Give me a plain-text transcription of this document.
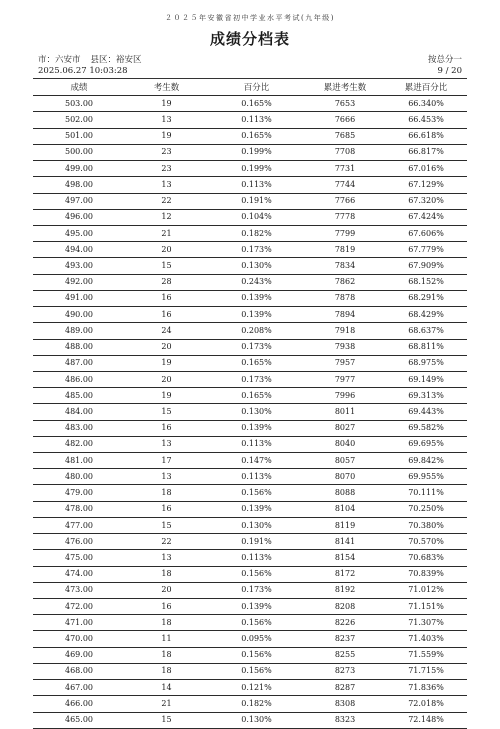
２０２５年安徽省初中学业水平考试(九年级)
成绩分档表
市：六安市 县区：裕安区
2025.06.27 10:03:28
按总分一
9 / 20
成绩	考生数	百分比	累进考生数	累进百分比
503.00	19	0.165%	7653	66.340%
502.00	13	0.113%	7666	66.453%
501.00	19	0.165%	7685	66.618%
500.00	23	0.199%	7708	66.817%
499.00	23	0.199%	7731	67.016%
498.00	13	0.113%	7744	67.129%
497.00	22	0.191%	7766	67.320%
496.00	12	0.104%	7778	67.424%
495.00	21	0.182%	7799	67.606%
494.00	20	0.173%	7819	67.779%
493.00	15	0.130%	7834	67.909%
492.00	28	0.243%	7862	68.152%
491.00	16	0.139%	7878	68.291%
490.00	16	0.139%	7894	68.429%
489.00	24	0.208%	7918	68.637%
488.00	20	0.173%	7938	68.811%
487.00	19	0.165%	7957	68.975%
486.00	20	0.173%	7977	69.149%
485.00	19	0.165%	7996	69.313%
484.00	15	0.130%	8011	69.443%
483.00	16	0.139%	8027	69.582%
482.00	13	0.113%	8040	69.695%
481.00	17	0.147%	8057	69.842%
480.00	13	0.113%	8070	69.955%
479.00	18	0.156%	8088	70.111%
478.00	16	0.139%	8104	70.250%
477.00	15	0.130%	8119	70.380%
476.00	22	0.191%	8141	70.570%
475.00	13	0.113%	8154	70.683%
474.00	18	0.156%	8172	70.839%
473.00	20	0.173%	8192	71.012%
472.00	16	0.139%	8208	71.151%
471.00	18	0.156%	8226	71.307%
470.00	11	0.095%	8237	71.403%
469.00	18	0.156%	8255	71.559%
468.00	18	0.156%	8273	71.715%
467.00	14	0.121%	8287	71.836%
466.00	21	0.182%	8308	72.018%
465.00	15	0.130%	8323	72.148%
